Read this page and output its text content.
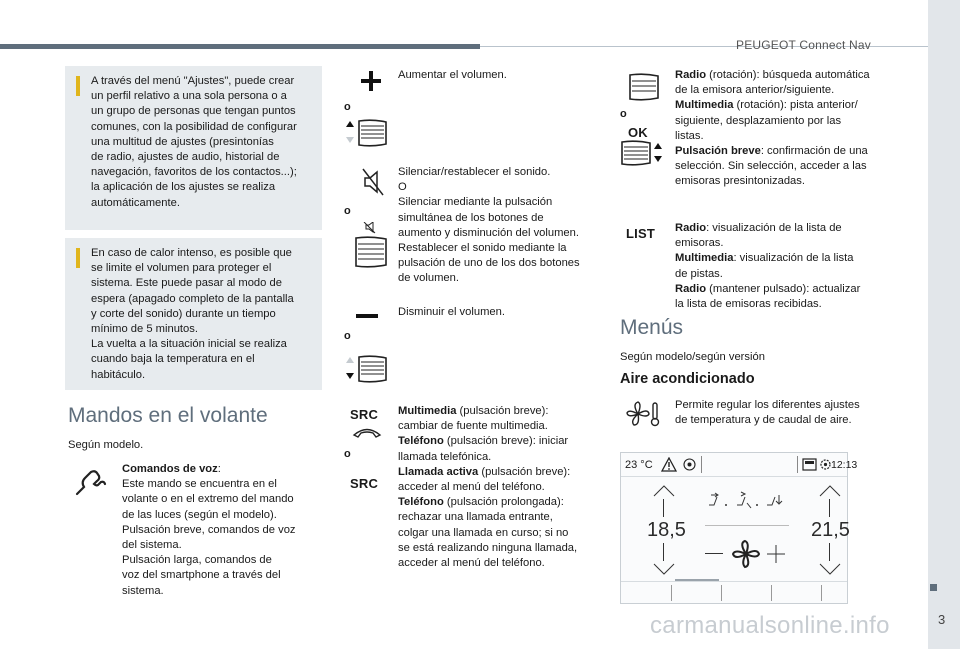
PEUGEOT Connect Nav
3
carmanualsonline.info

A través del menú "Ajustes", puede crear
un perfil relativo a una sola persona o a
un grupo de personas que tengan puntos
comunes, con la posibilidad de configurar
una multitud de ajustes (presintonías
de radio, ajustes de audio, historial de
navegación, favoritos de los contactos...);
la aplicación de los ajustes se realiza
automáticamente.

En caso de calor intenso, es posible que
se limite el volumen para proteger el
sistema. Este puede pasar al modo de
espera (apagado completo de la pantalla
y corte del sonido) durante un tiempo
mínimo de 5 minutos.
La vuelta a la situación inicial se realiza
cuando baja la temperatura en el
habitáculo.

Mandos en el volante
Según modelo.
Comandos de voz:
Este mando se encuentra en el
volante o en el extremo del mando
de las luces (según el modelo).
Pulsación breve, comandos de voz
del sistema.
Pulsación larga, comandos de
voz del smartphone a través del
sistema.
o
Aumentar el volumen.
o
Silenciar/restablecer el sonido.
O
Silenciar mediante la pulsación
simultánea de los botones de
aumento y disminución del volumen.
Restablecer el sonido mediante la
pulsación de uno de los dos botones
de volumen.
o
Disminuir el volumen.
SRC
o
SRC
Multimedia (pulsación breve):
cambiar de fuente multimedia.
Teléfono (pulsación breve): iniciar
llamada telefónica.
Llamada activa (pulsación breve):
acceder al menú del teléfono.
Teléfono (pulsación prolongada):
rechazar una llamada entrante,
colgar una llamada en curso; si no
se está realizando ninguna llamada,
acceder al menú del teléfono.
o
OK
Radio (rotación): búsqueda automática
de la emisora anterior/siguiente.
Multimedia (rotación): pista anterior/
siguiente, desplazamiento por las
listas.
Pulsación breve: confirmación de una
selección. Sin selección, acceder a las
emisoras presintonizadas.
LIST Radio: visualización de la lista de
emisoras.
Multimedia: visualización de la lista
de pistas.
Radio (mantener pulsado): actualizar
la lista de emisoras recibidas.
Menús
Según modelo/según versión
Aire acondicionado
Permite regular los diferentes ajustes
de temperatura y de caudal de aire.
23 °C	12:13
18,5	21,5
